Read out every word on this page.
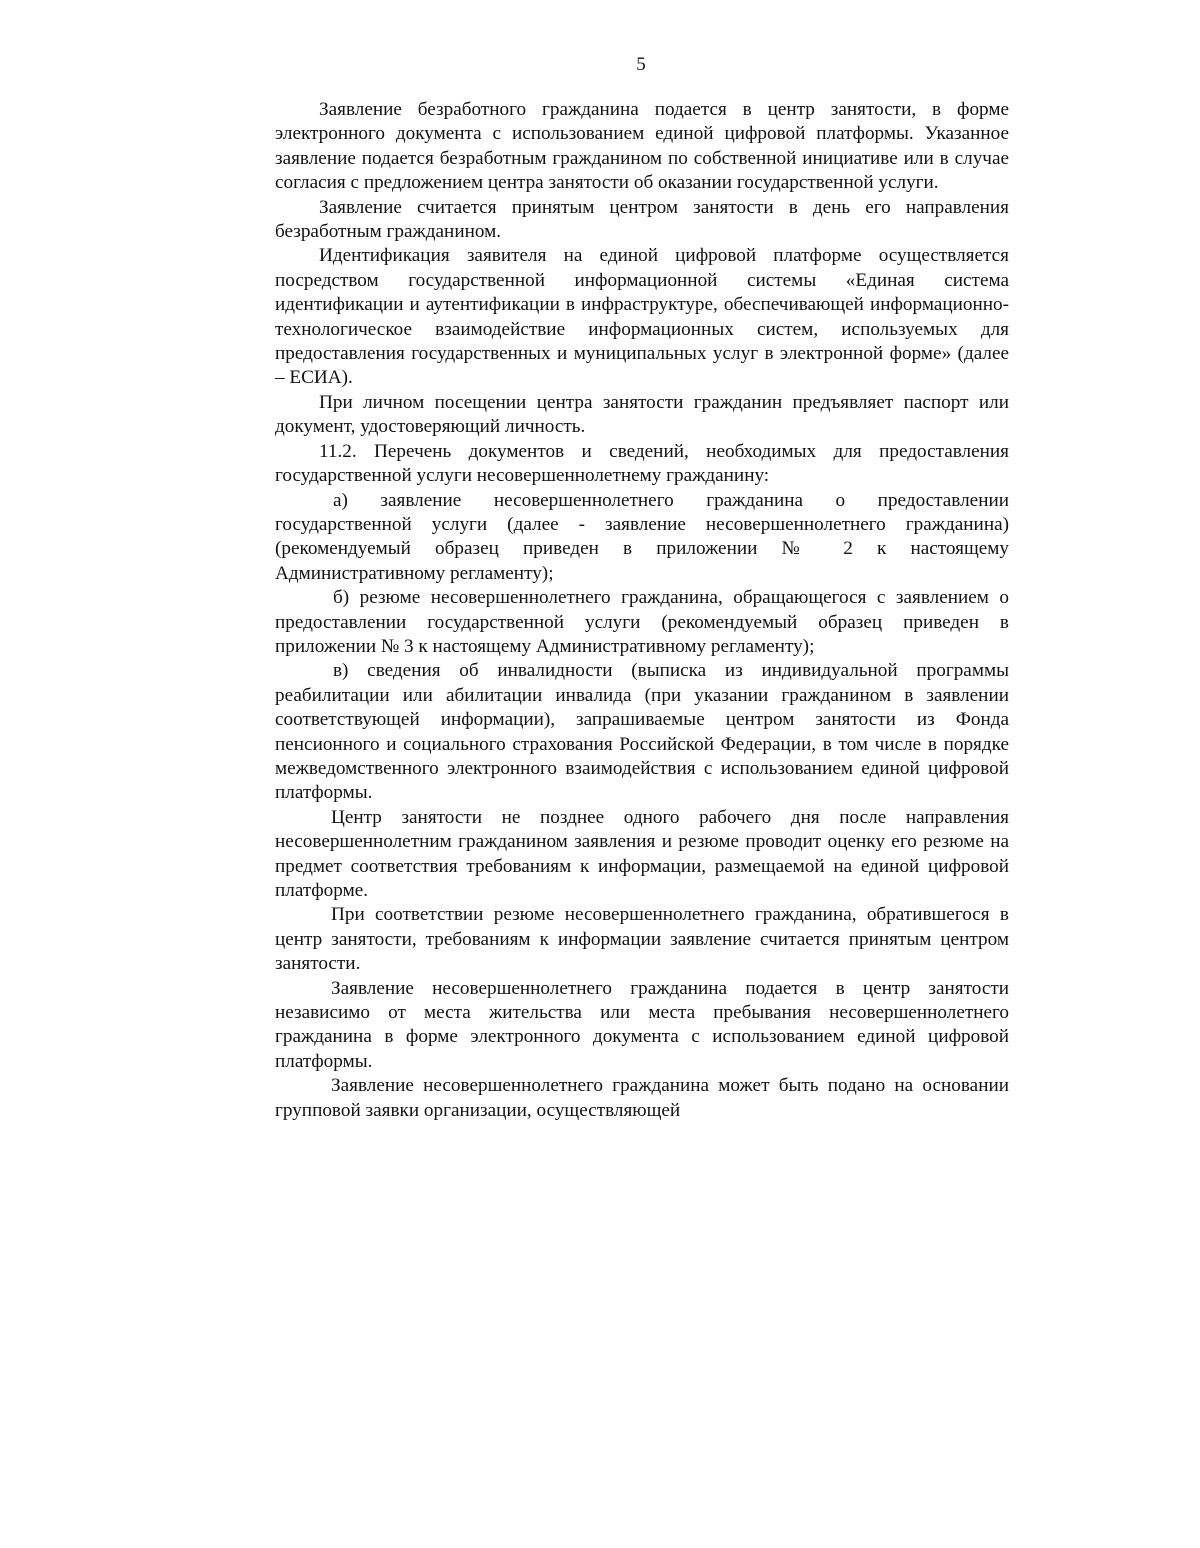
5

Заявление безработного гражданина подается в центр занятости, в форме электронного документа с использованием единой цифровой платформы. Указанное заявление подается безработным гражданином по собственной инициативе или в случае согласия с предложением центра занятости об оказании государственной услуги.

Заявление считается принятым центром занятости в день его направления безработным гражданином.

Идентификация заявителя на единой цифровой платформе осуществляется посредством государственной информационной системы «Единая система идентификации и аутентификации в инфраструктуре, обеспечивающей информационно-технологическое взаимодействие информационных систем, используемых для предоставления государственных и муниципальных услуг в электронной форме» (далее – ЕСИА).

При личном посещении центра занятости гражданин предъявляет паспорт или документ, удостоверяющий личность.

11.2. Перечень документов и сведений, необходимых для предоставления государственной услуги несовершеннолетнему гражданину:

а) заявление несовершеннолетнего гражданина о предоставлении государственной услуги (далее - заявление несовершеннолетнего гражданина) (рекомендуемый образец приведен в приложении № 2 к настоящему Административному регламенту);

б) резюме несовершеннолетнего гражданина, обращающегося с заявлением о предоставлении государственной услуги (рекомендуемый образец приведен в приложении № 3 к настоящему Административному регламенту);

в) сведения об инвалидности (выписка из индивидуальной программы реабилитации или абилитации инвалида (при указании гражданином в заявлении соответствующей информации), запрашиваемые центром занятости из Фонда пенсионного и социального страхования Российской Федерации, в том числе в порядке межведомственного электронного взаимодействия с использованием единой цифровой платформы.

Центр занятости не позднее одного рабочего дня после направления несовершеннолетним гражданином заявления и резюме проводит оценку его резюме на предмет соответствия требованиям к информации, размещаемой на единой цифровой платформе.

При соответствии резюме несовершеннолетнего гражданина, обратившегося в центр занятости, требованиям к информации заявление считается принятым центром занятости.

Заявление несовершеннолетнего гражданина подается в центр занятости независимо от места жительства или места пребывания несовершеннолетнего гражданина в форме электронного документа с использованием единой цифровой платформы.

Заявление несовершеннолетнего гражданина может быть подано на основании групповой заявки организации, осуществляющей
